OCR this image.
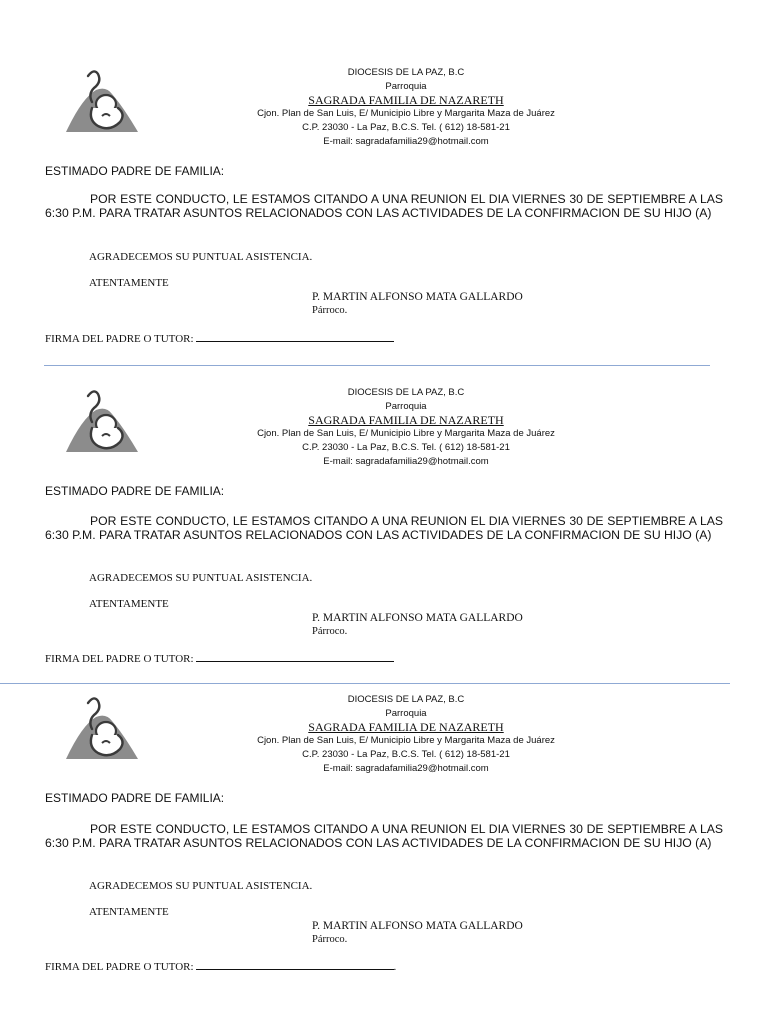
DIOCESIS DE LA PAZ, B.C
Parroquia
SAGRADA FAMILIA DE NAZARETH
Cjon. Plan de San Luis, E/ Municipio Libre y Margarita Maza de Juárez
C.P. 23030 - La Paz, B.C.S. Tel. ( 612) 18-581-21
E-mail: sagradafamilia29@hotmail.com
ESTIMADO PADRE DE FAMILIA:
POR ESTE CONDUCTO, LE ESTAMOS CITANDO A UNA REUNION EL DIA VIERNES 30 DE SEPTIEMBRE A LAS 6:30 P.M. PARA TRATAR ASUNTOS RELACIONADOS CON LAS ACTIVIDADES DE LA CONFIRMACION DE SU HIJO (A)
AGRADECEMOS SU PUNTUAL ASISTENCIA.
ATENTAMENTE
P. MARTIN ALFONSO MATA GALLARDO
Párroco.
FIRMA DEL PADRE O TUTOR:
DIOCESIS DE LA PAZ, B.C
Parroquia
SAGRADA FAMILIA DE NAZARETH
Cjon. Plan de San Luis, E/ Municipio Libre y Margarita Maza de Juárez
C.P. 23030 - La Paz, B.C.S. Tel. ( 612) 18-581-21
E-mail: sagradafamilia29@hotmail.com
ESTIMADO PADRE DE FAMILIA:
POR ESTE CONDUCTO, LE ESTAMOS CITANDO A UNA REUNION EL DIA VIERNES 30 DE SEPTIEMBRE A LAS 6:30 P.M. PARA TRATAR ASUNTOS RELACIONADOS CON LAS ACTIVIDADES DE LA CONFIRMACION DE SU HIJO (A)
AGRADECEMOS SU PUNTUAL ASISTENCIA.
ATENTAMENTE
P. MARTIN ALFONSO MATA GALLARDO
Párroco.
FIRMA DEL PADRE O TUTOR:
DIOCESIS DE LA PAZ, B.C
Parroquia
SAGRADA FAMILIA DE NAZARETH
Cjon. Plan de San Luis, E/ Municipio Libre y Margarita Maza de Juárez
C.P. 23030 - La Paz, B.C.S. Tel. ( 612) 18-581-21
E-mail: sagradafamilia29@hotmail.com
ESTIMADO PADRE DE FAMILIA:
POR ESTE CONDUCTO, LE ESTAMOS CITANDO A UNA REUNION EL DIA VIERNES 30 DE SEPTIEMBRE A LAS 6:30 P.M. PARA TRATAR ASUNTOS RELACIONADOS CON LAS ACTIVIDADES DE LA CONFIRMACION DE SU HIJO (A)
AGRADECEMOS SU PUNTUAL ASISTENCIA.
ATENTAMENTE
P. MARTIN ALFONSO MATA GALLARDO
Párroco.
FIRMA DEL PADRE O TUTOR:	.
